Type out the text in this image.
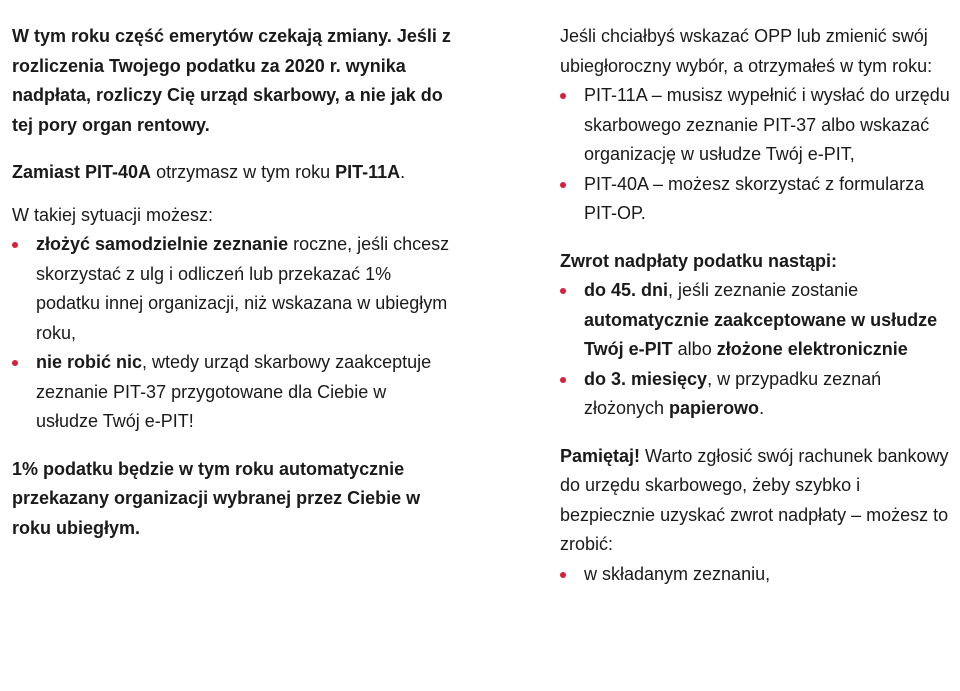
W tym roku część emerytów czekają zmiany. Jeśli z rozliczenia Twojego podatku za 2020 r. wynika nadpłata, rozliczy Cię urząd skarbowy, a nie jak do tej pory organ rentowy.

Zamiast PIT-40A otrzymasz w tym roku PIT-11A.

W takiej sytuacji możesz:

złożyć samodzielnie zeznanie roczne, jeśli chcesz skorzystać z ulg i odliczeń lub przekazać 1% podatku innej organizacji, niż wskazana w ubiegłym roku,
nie robić nic, wtedy urząd skarbowy zaakceptuje zeznanie PIT-37 przygotowane dla Ciebie w usłudze Twój e-PIT!

1% podatku będzie w tym roku automatycznie przekazany organizacji wybranej przez Ciebie w roku ubiegłym.

Jeśli chciałbyś wskazać OPP lub zmienić swój ubiegłoroczny wybór, a otrzymałeś w tym roku:

PIT-11A – musisz wypełnić i wysłać do urzędu skarbowego zeznanie PIT-37 albo wskazać organizację w usłudze Twój e-PIT,
PIT-40A – możesz skorzystać z formularza PIT-OP.

Zwrot nadpłaty podatku nastąpi:

do 45. dni, jeśli zeznanie zostanie automatycznie zaakceptowane w usłudze Twój e-PIT albo złożone elektronicznie
do 3. miesięcy, w przypadku zeznań złożonych papierowo.

Pamiętaj! Warto zgłosić swój rachunek bankowy do urzędu skarbowego, żeby szybko i bezpiecznie uzyskać zwrot nadpłaty – możesz to zrobić:

w składanym zeznaniu,
